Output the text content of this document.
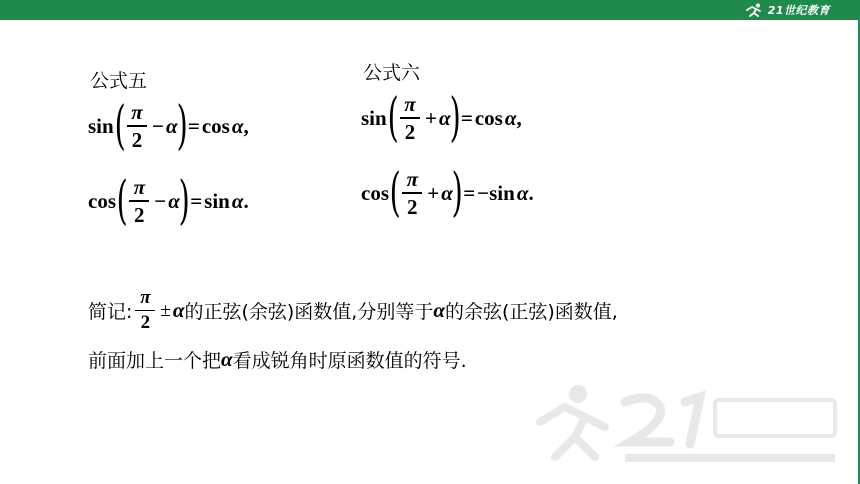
21世纪教育
公式五
sin ( $\frac{\pi}{2} - \alpha$
) = cos α ,
cos ( $\frac{\pi}{2} - \alpha$
) = sin α .
公式六
sin ( $\frac{\pi}{2} + \alpha$
) = cos α ,
cos ( $\frac{\pi}{2} + \alpha$
) = −sin α .
简记: $\frac{\pi}{2} \pm \alpha$ 的正弦(余弦)函数值,分别等于 α 的余弦(正弦)函数值,
前面加上一个把 α 看成锐角时原函数值的符号.
